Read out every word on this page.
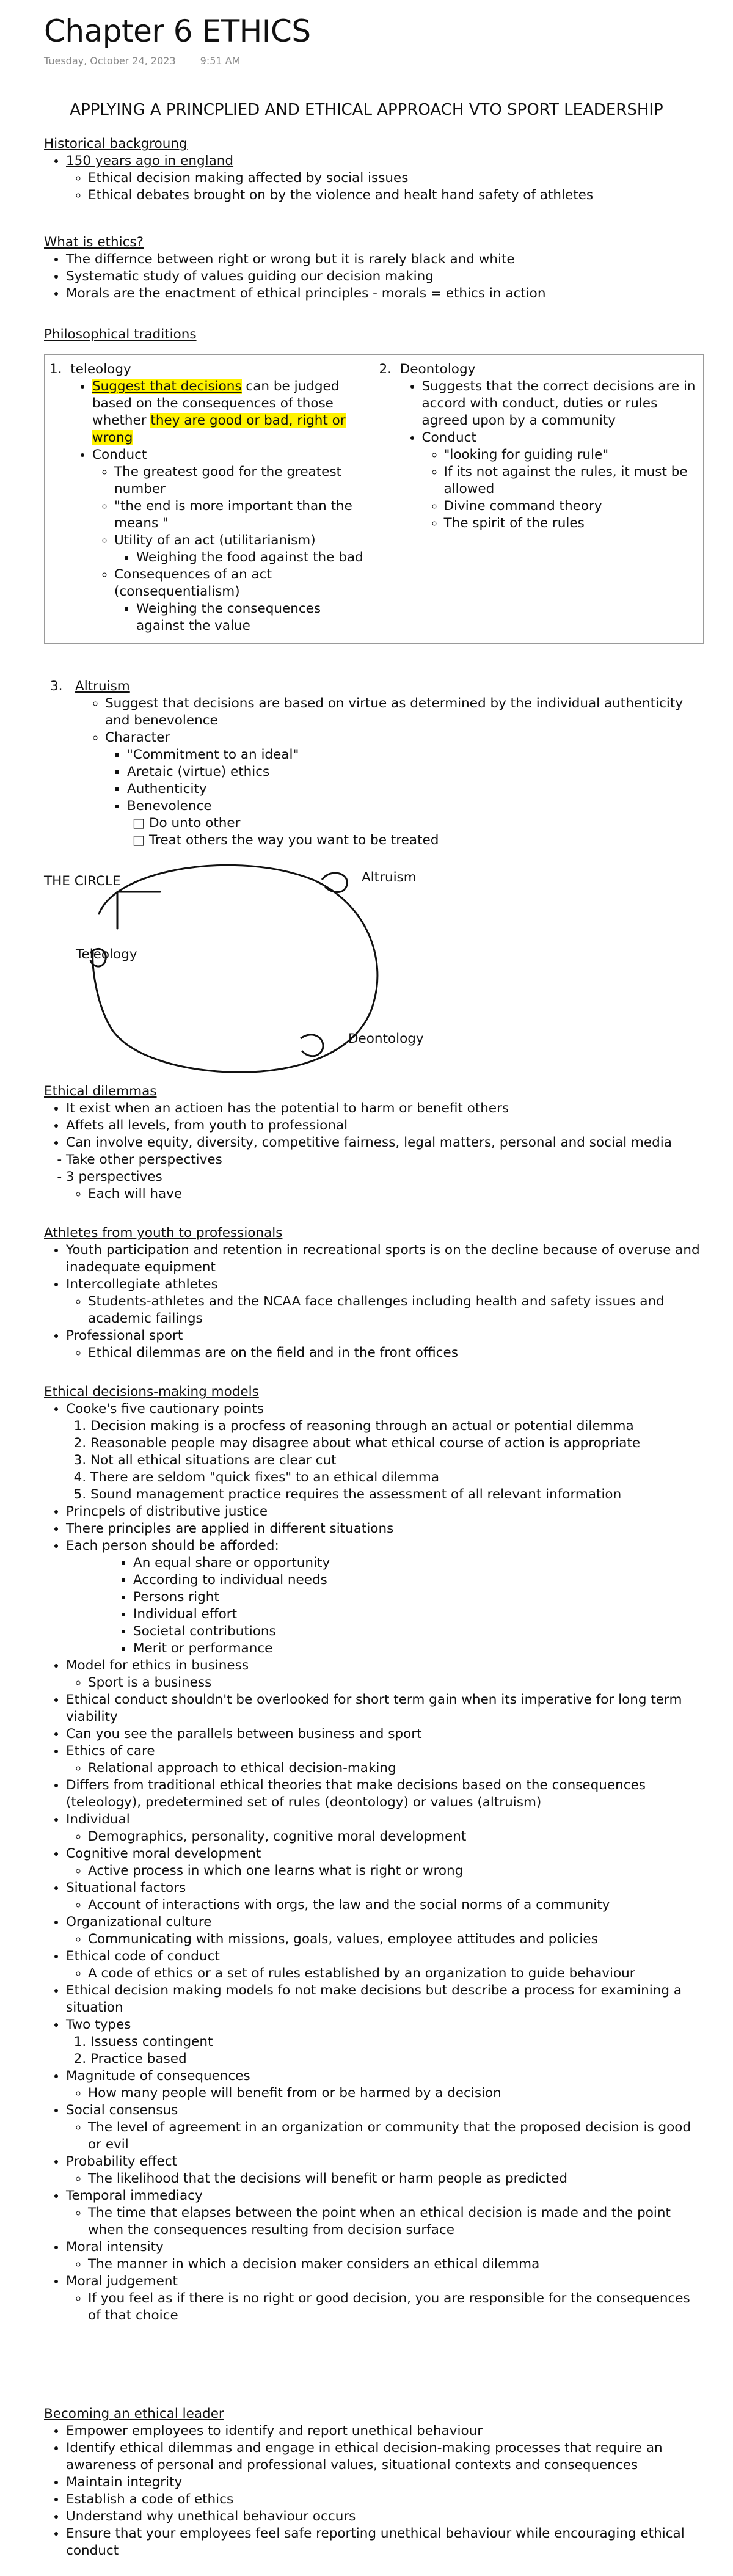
Chapter 6 ETHICS
Tuesday, October 24, 2023	9:51 AM
APPLYING A PRINCPLIED AND ETHICAL APPROACH VTO SPORT LEADERSHIP
Historical backgroung
• 150 years ago in england
◦ Ethical decision making affected by social issues
◦ Ethical debates brought on by the violence and healt hand safety of athletes
What is ethics?
• The differnce between right or wrong but it is rarely black and white
• Systematic study of values guiding our decision making
• Morals are the enactment of ethical principles - morals = ethics in action
Philosophical traditions
1.  teleology
• Suggest that decisions can be judged based on the consequences of those whether they are good or bad, right or wrong
• Conduct
◦ The greatest good for the greatest number
◦ "the end is more important than the means "
◦ Utility of an act (utilitarianism)
▪ Weighing the food against the bad
◦ Consequences of an act (consequentialism)
▪ Weighing the consequences against the value

2.  Deontology
• Suggests that the correct decisions are in accord with conduct, duties or rules agreed upon by a community
• Conduct
◦ "looking for guiding rule"
◦ If its not against the rules, it must be allowed
◦ Divine command theory
◦ The spirit of the rules
3.   Altruism
◦ Suggest that decisions are based on virtue as determined by the individual authenticity and benevolence
◦ Character
▪ "Commitment to an ideal"
▪ Aretaic (virtue) ethics
▪ Authenticity
▪ Benevolence
□ Do unto other
□ Treat others the way you want to be treated
THE CIRCLE	Altruism
Teleology
Deontology
Ethical dilemmas
• It exist when an actioen has the potential to harm or benefit others
• Affets all levels, from youth to professional
• Can involve equity, diversity, competitive fairness, legal matters, personal and social media
- Take other perspectives
- 3 perspectives
◦ Each will have
Athletes from youth to professionals
• Youth participation and retention in recreational sports is on the decline because of overuse and inadequate equipment
• Intercollegiate athletes
◦ Students-athletes and the NCAA face challenges including health and safety issues and academic failings
• Professional sport
◦ Ethical dilemmas are on the field and in the front offices
Ethical decisions-making models
• Cooke's five cautionary points
1. Decision making is a procfess of reasoning through an actual or potential dilemma
2. Reasonable people may disagree about what ethical course of action is appropriate
3. Not all ethical situations are clear cut
4. There are seldom "quick fixes" to an ethical dilemma
5. Sound management practice requires the assessment of all relevant information
• Princpels of distributive justice
• There principles are applied in different situations
• Each person should be afforded:
▪ An equal share or opportunity
▪ According to individual needs
▪ Persons right
▪ Individual effort
▪ Societal contributions
▪ Merit or performance
• Model for ethics in business
◦ Sport is a business
• Ethical conduct shouldn't be overlooked for short term gain when its imperative for long term viability
• Can you see the parallels between business and sport
• Ethics of care
◦ Relational approach to ethical decision-making
• Differs from traditional ethical theories that make decisions based on the consequences (teleology), predetermined set of rules (deontology) or values (altruism)
• Individual
◦ Demographics, personality, cognitive moral development
• Cognitive moral development
◦ Active process in which one learns what is right or wrong
• Situational factors
◦ Account of interactions with orgs, the law and the social norms of a community
• Organizational culture
◦ Communicating with missions, goals, values, employee attitudes and policies
• Ethical code of conduct
◦ A code of ethics or a set of rules established by an organization to guide behaviour
• Ethical decision making models fo not make decisions but describe a process for examining a situation
• Two types
1. Issuess contingent
2. Practice based
• Magnitude of consequences
◦ How many people will benefit from or be harmed by a decision
• Social consensus
◦ The level of agreement in an organization or community that the proposed decision is good or evil
• Probability effect
◦ The likelihood that the decisions will benefit or harm people as predicted
• Temporal immediacy
◦ The time that elapses between the point when an ethical decision is made and the point when the consequences resulting from decision surface
• Moral intensity
◦ The manner in which a decision maker considers an ethical dilemma
• Moral judgement
◦ If you feel as if there is no right or good decision, you are responsible for the consequences of that choice
Becoming an ethical leader
• Empower employees to identify and report unethical behaviour
• Identify ethical dilemmas and engage in ethical decision-making processes that require an awareness of personal and professional values, situational contexts and consequences
• Maintain integrity
• Establish a code of ethics
• Understand why unethical behaviour occurs
• Ensure that your employees feel safe reporting unethical behaviour while encouraging ethical conduct
